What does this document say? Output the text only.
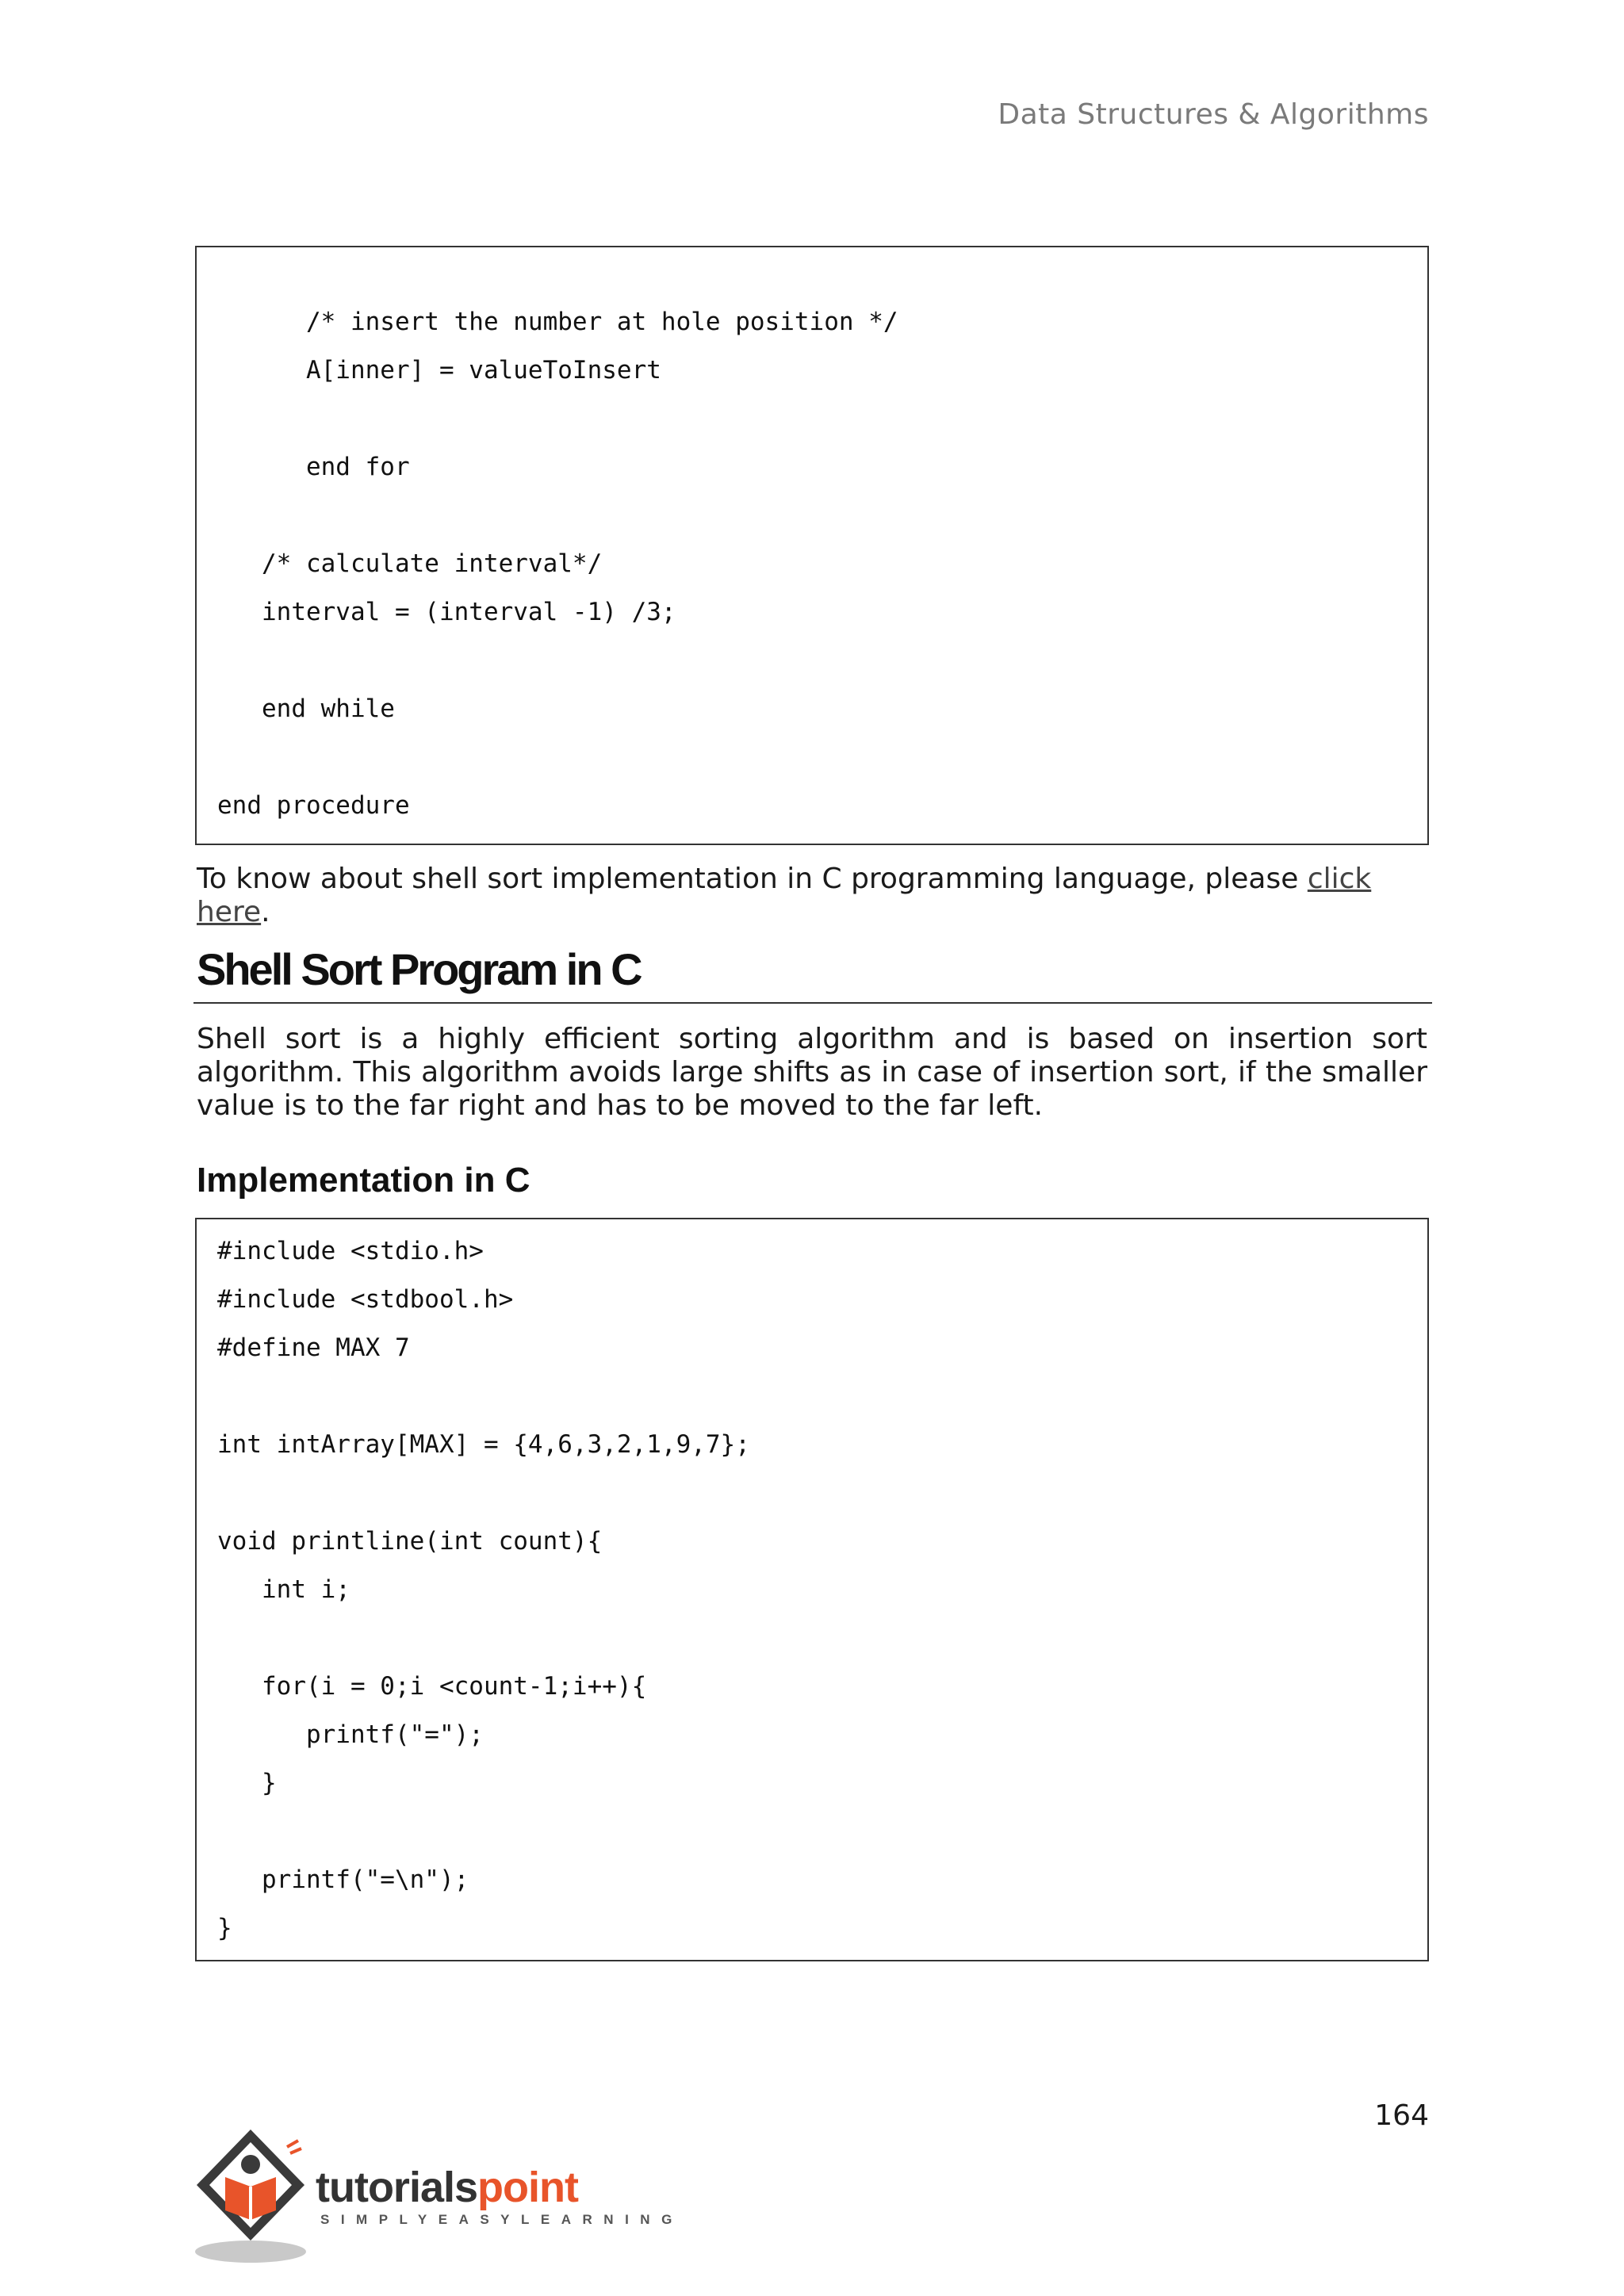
Data Structures & Algorithms
/* insert the number at hole position */
A[inner] = valueToInsert
end for
/* calculate interval*/
interval = (interval -1) /3;
end while
end procedure
To know about shell sort implementation in C programming language, please click here.
Shell Sort Program in C
Shell sort is a highly efficient sorting algorithm and is based on insertion sort algorithm. This algorithm avoids large shifts as in case of insertion sort, if the smaller value is to the far right and has to be moved to the far left.
Implementation in C
#include <stdio.h>
#include <stdbool.h>
#define MAX 7
int intArray[MAX] = {4,6,3,2,1,9,7};
void printline(int count){
int i;
for(i = 0;i <count-1;i++){
printf("=");
}
printf("=\n");
}
164
tutorialspoint
SIMPLYEASYLEARNING
